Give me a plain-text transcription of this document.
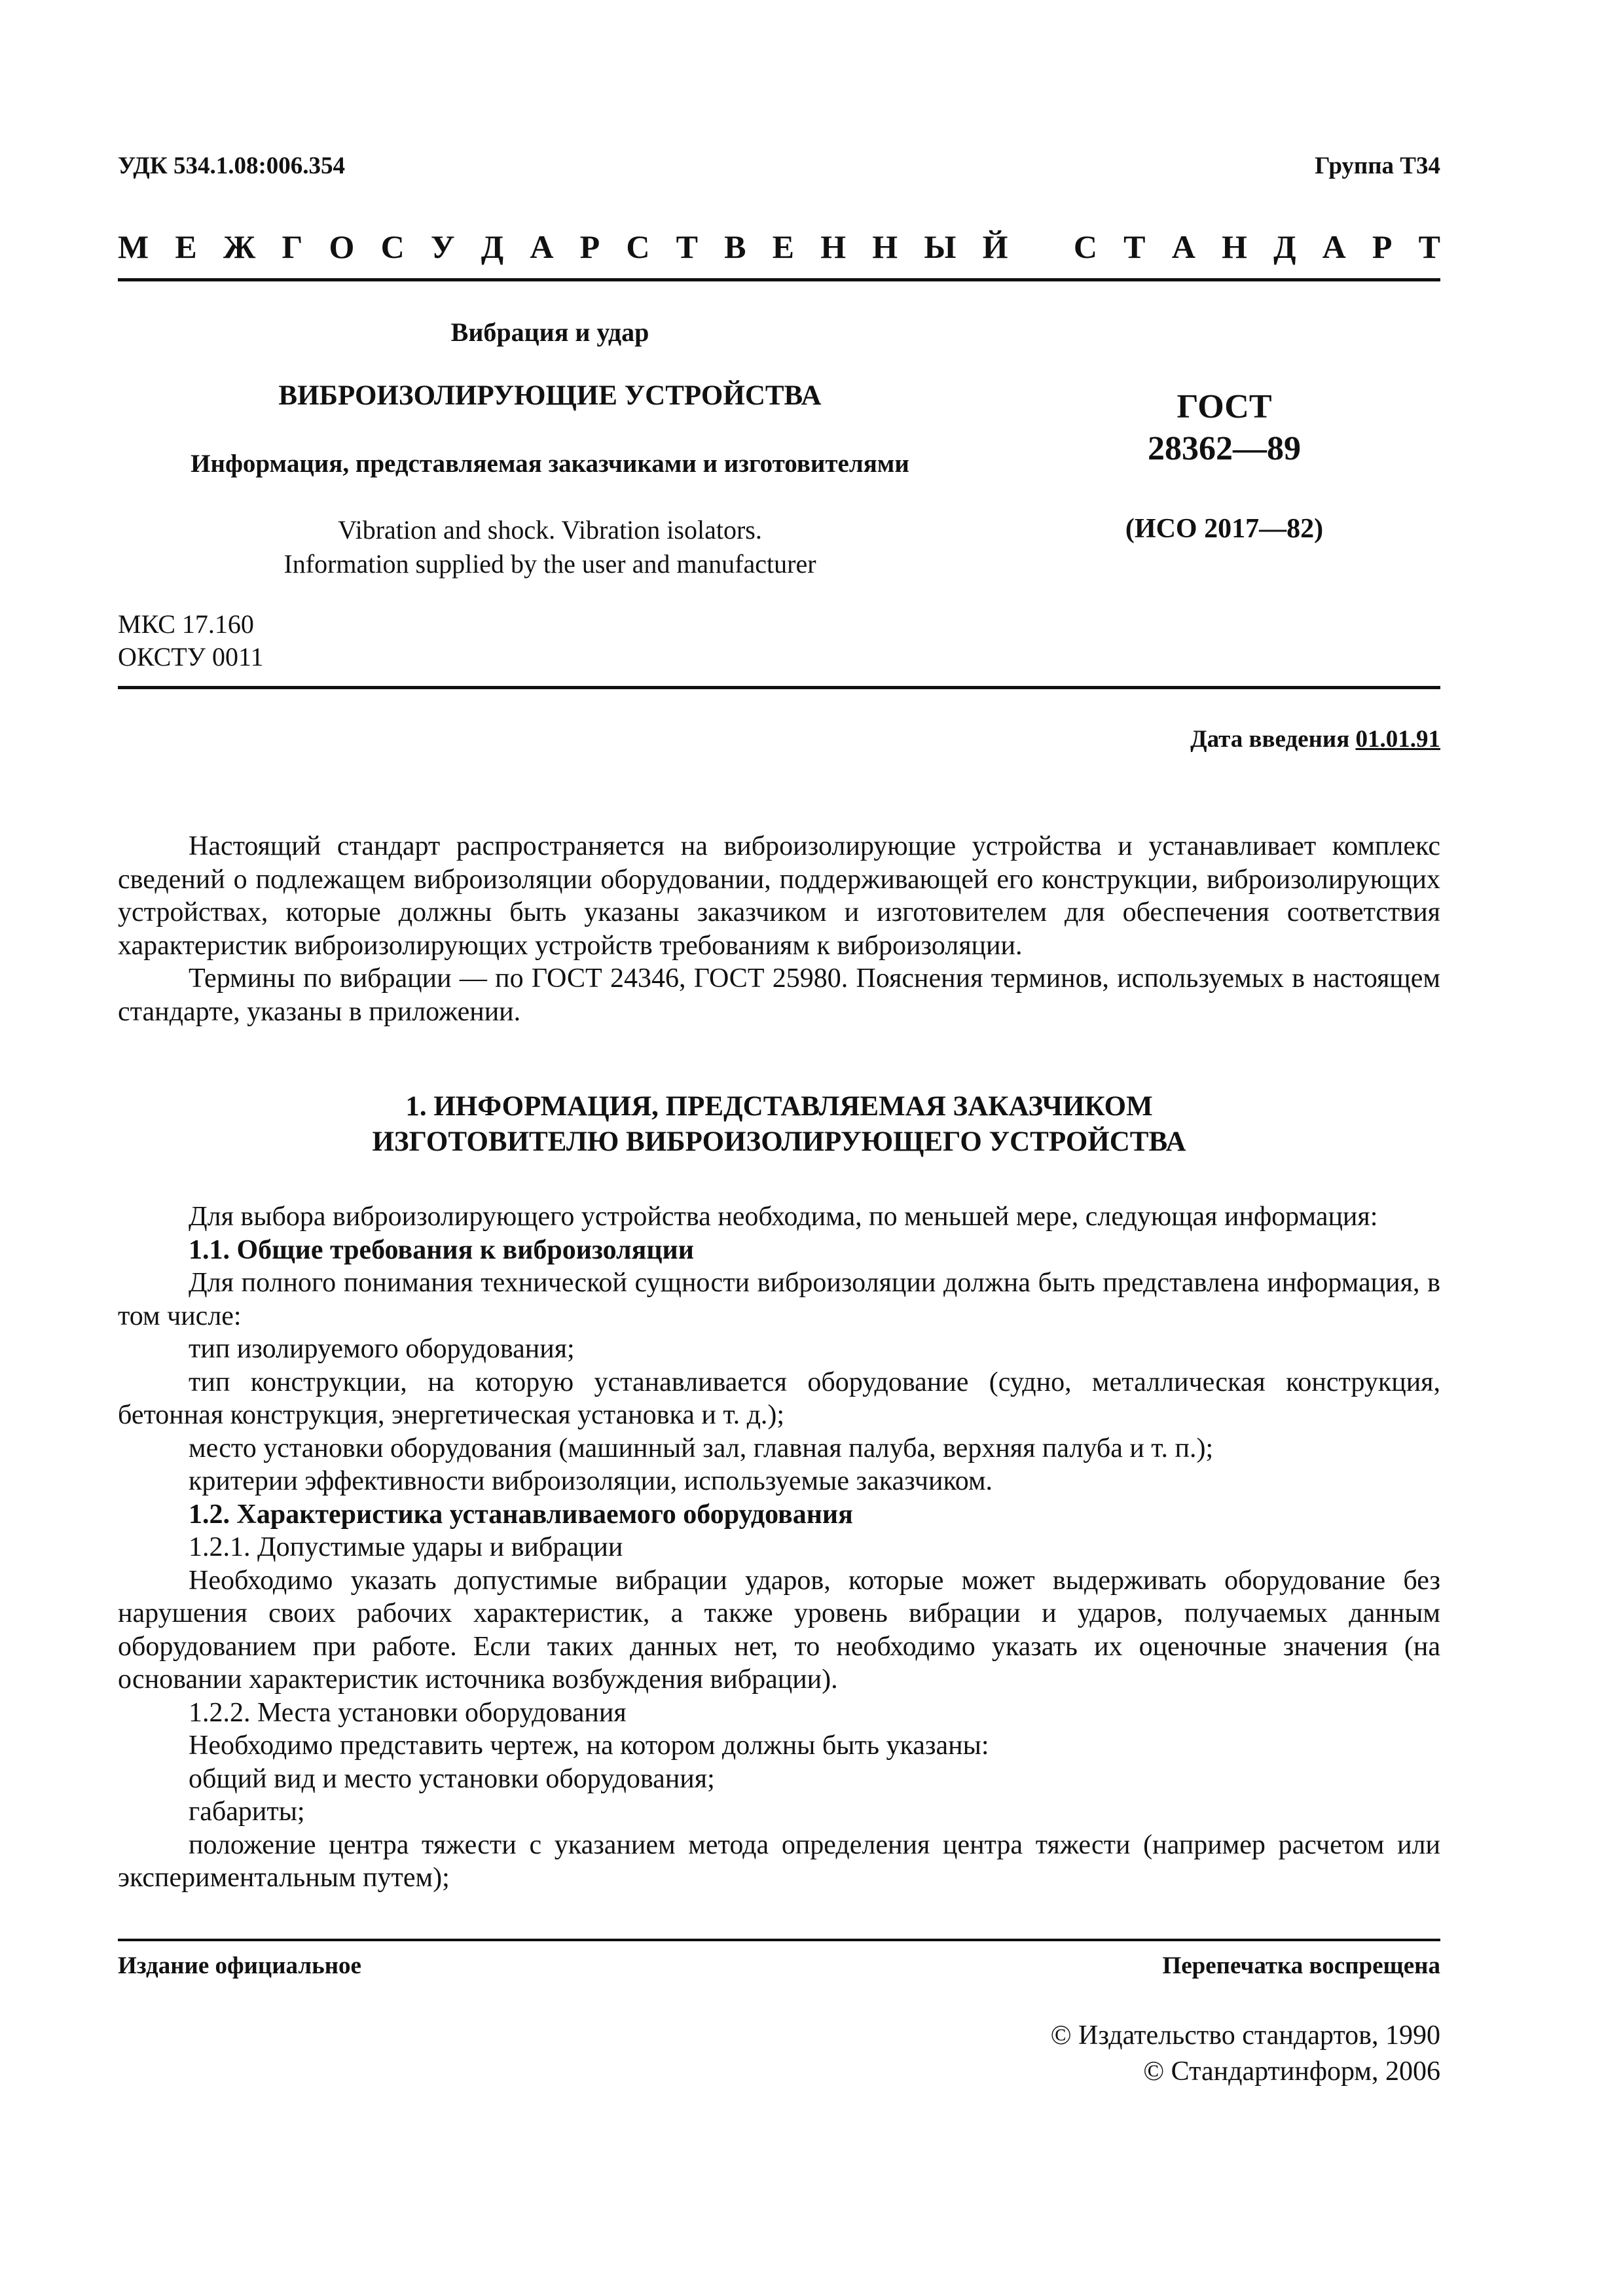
УДК 534.1.08:006.354	Группа Т34
М Е Ж Г О С У Д А Р С Т В Е Н Н Ы Й С Т А Н Д А Р Т
Вибрация и удар
ВИБРОИЗОЛИРУЮЩИЕ УСТРОЙСТВА
Информация, представляемая заказчиками и изготовителями
Vibration and shock. Vibration isolators.
Information supplied by the user and manufacturer
ГОСТ
28362—89
(ИСО 2017—82)
МКС 17.160
ОКСТУ 0011
Дата введения 01.01.91

Настоящий стандарт распространяется на виброизолирующие устройства и устанавливает комплекс сведений о подлежащем виброизоляции оборудовании, поддерживающей его конструкции, виброизолирующих устройствах, которые должны быть указаны заказчиком и изготовителем для обеспечения соответствия характеристик виброизолирующих устройств требованиям к виброизоляции.

Термины по вибрации — по ГОСТ 24346, ГОСТ 25980. Пояснения терминов, используемых в настоящем стандарте, указаны в приложении.

1. ИНФОРМАЦИЯ, ПРЕДСТАВЛЯЕМАЯ ЗАКАЗЧИКОМ
ИЗГОТОВИТЕЛЮ ВИБРОИЗОЛИРУЮЩЕГО УСТРОЙСТВА

Для выбора виброизолирующего устройства необходима, по меньшей мере, следующая информация:

1.1. Общие требования к виброизоляции

Для полного понимания технической сущности виброизоляции должна быть представлена информация, в том числе:

тип изолируемого оборудования;

тип конструкции, на которую устанавливается оборудование (судно, металлическая конструкция, бетонная конструкция, энергетическая установка и т. д.);

место установки оборудования (машинный зал, главная палуба, верхняя палуба и т. п.);

критерии эффективности виброизоляции, используемые заказчиком.

1.2. Характеристика устанавливаемого оборудования

1.2.1. Допустимые удары и вибрации

Необходимо указать допустимые вибрации ударов, которые может выдерживать оборудование без нарушения своих рабочих характеристик, а также уровень вибрации и ударов, получаемых данным оборудованием при работе. Если таких данных нет, то необходимо указать их оценочные значения (на основании характеристик источника возбуждения вибрации).

1.2.2. Места установки оборудования

Необходимо представить чертеж, на котором должны быть указаны:

общий вид и место установки оборудования;

габариты;

положение центра тяжести с указанием метода определения центра тяжести (например расчетом или экспериментальным путем);

Издание официальное	Перепечатка воспрещена
© Издательство стандартов, 1990
© Стандартинформ, 2006
